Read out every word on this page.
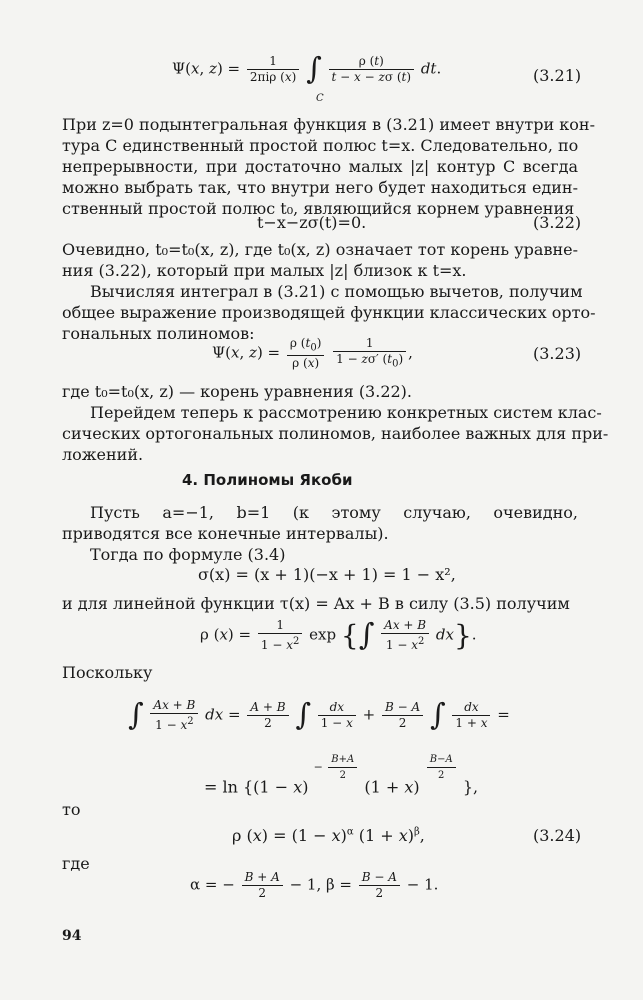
Ψ(x, $z) = \frac{1}{\text{2πiρ (x)}}$ ∫ $\frac{\rho (t)}{t - x - z\sigma (t)}$ dt.
C
(3.21)
При z=0 подынтегральная функция в (3.21) имеет внутри кон-
тура C единственный простой полюс t=x. Следовательно, по
непрерывности, при достаточно малых |z| контур C всегда
можно выбрать так, что внутри него будет находиться един-
ственный простой полюс t₀, являющийся корнем уравнения
t−x−zσ(t)=0.	(3.22)
Очевидно, t₀=t₀(x, z), где t₀(x, z) означает тот корень уравне-
ния (3.22), который при малых |z| близок к t=x.
Вычисляя интеграл в (3.21) с помощью вычетов, получим
общее выражение производящей функции классических орто-
гональных полиномов:
Ψ(x, $z) = \frac{\rho (t_0)}{\rho (x)}$
$\frac{1}{1 - z\sigma' (t_0)}$ ,	(3.23)
где t₀=t₀(x, z) — корень уравнения (3.22).
Перейдем теперь к рассмотрению конкретных систем клас-
сических ортогональных полиномов, наиболее важных для при-
ложений.
4. Полиномы Якоби
Пусть a=−1, b=1 (к этому случаю, очевидно,
приводятся все конечные интервалы).
Тогда по формуле (3.4)
σ(x) = (x + 1)(−x + 1) = 1 − x²,
и для линейной функции τ(x) = Ax + B в силу (3.5) получим
ρ $(x) = \frac{1}{1 - x^2}$ exp {∫ $\frac{Ax + B}{1 - x^2} dx$}.
Поскольку
∫ $\frac{Ax + B}{1 - x^2}$ dx = $\frac{A + B}{2}$ ∫ $\frac{dx}{1 - x} + \frac{B - A}{2}$ ∫ $\frac{dx}{1 + x}$ =
= $\ln \{(1 - x) - \frac{B+A}{2}$
(1 + x)
$\frac{B-A}{2}$
},
то
ρ $(x) = (1 - x)^\alpha$ $(1 + x)^\beta$,	(3.24)
где
α = − $\frac{B + A}{2} - 1$, $\beta = \frac{B - A}{2} - 1$.
94
